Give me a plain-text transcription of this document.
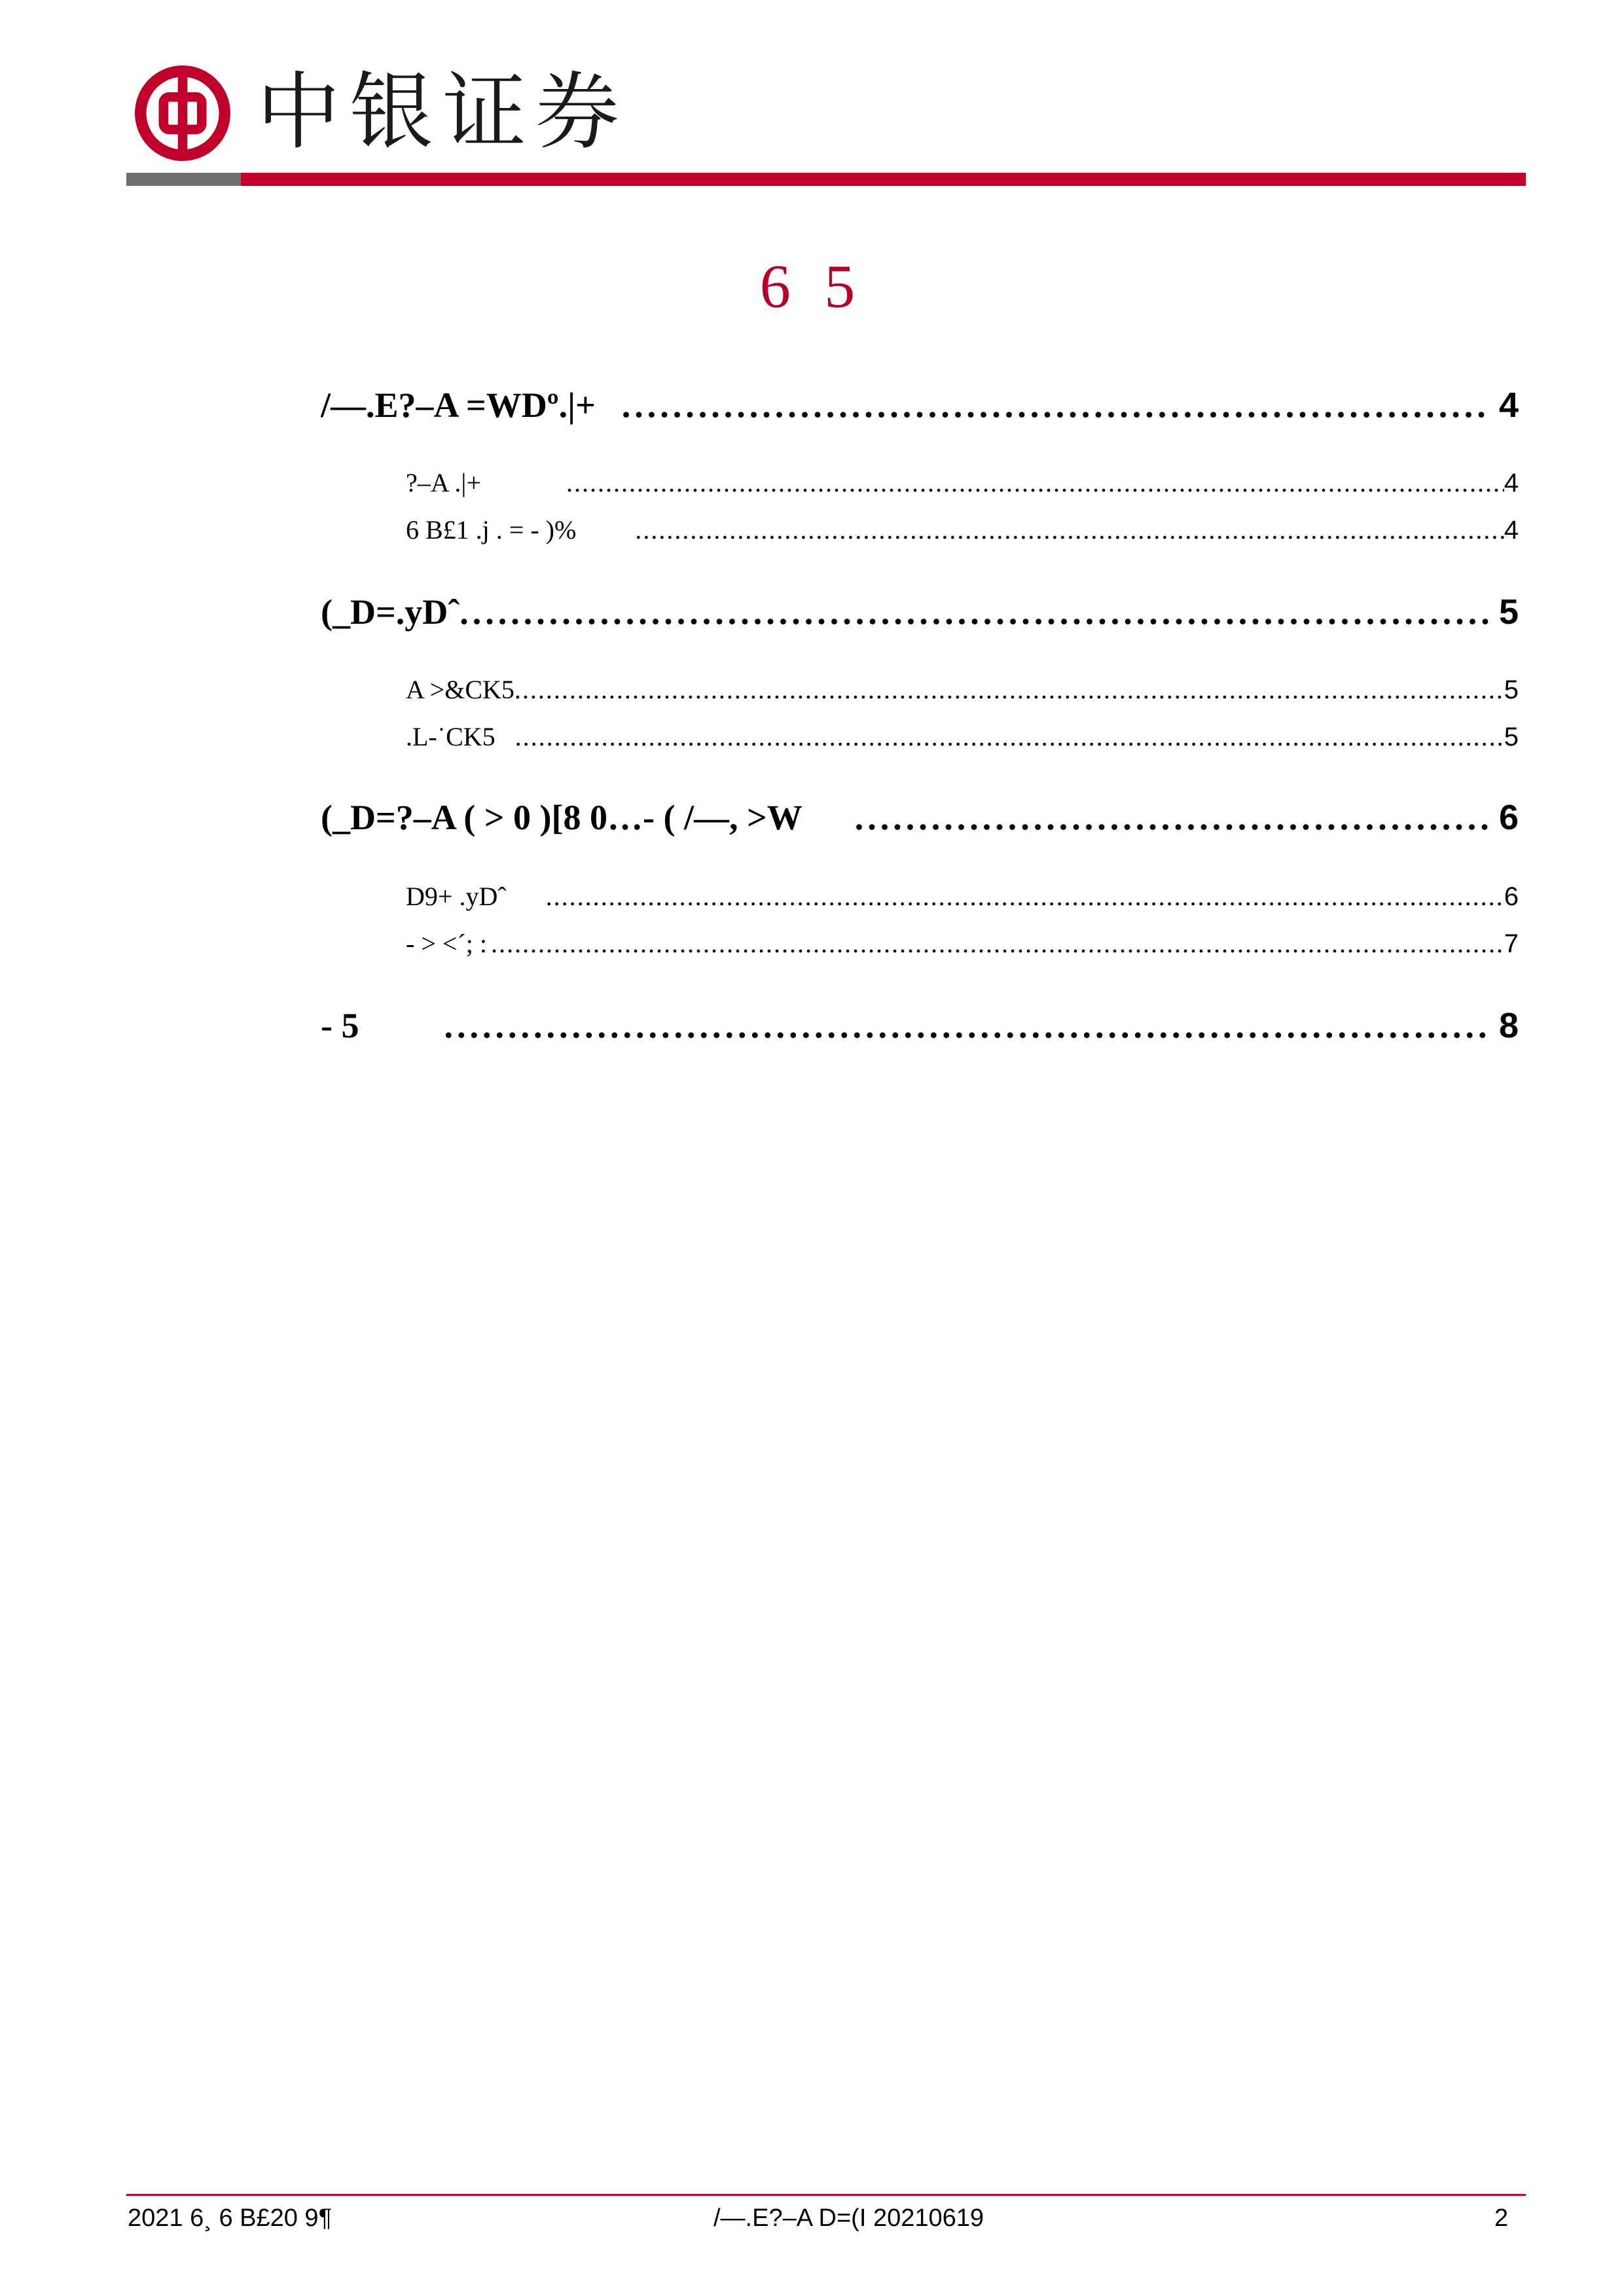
中银证券
6 5
/—.E?–A =WDº.|+ .....	4
?–A .|+ .....	4
6 B£1 .j . = - )% .....	4
(_D=.yDˆ .....	5
A >&CK5 .....	5
.L-˙CK5 .....	5
(_D=?–A ( > 0 )[8 0…- ( /—, >W .....	6
D9+ .yDˆ .....	6
- > <´; : .....	7
- 5 .....	8
2021 6¸ 6 B£20 9¶	/—.E?–A D=(I 20210619	2
